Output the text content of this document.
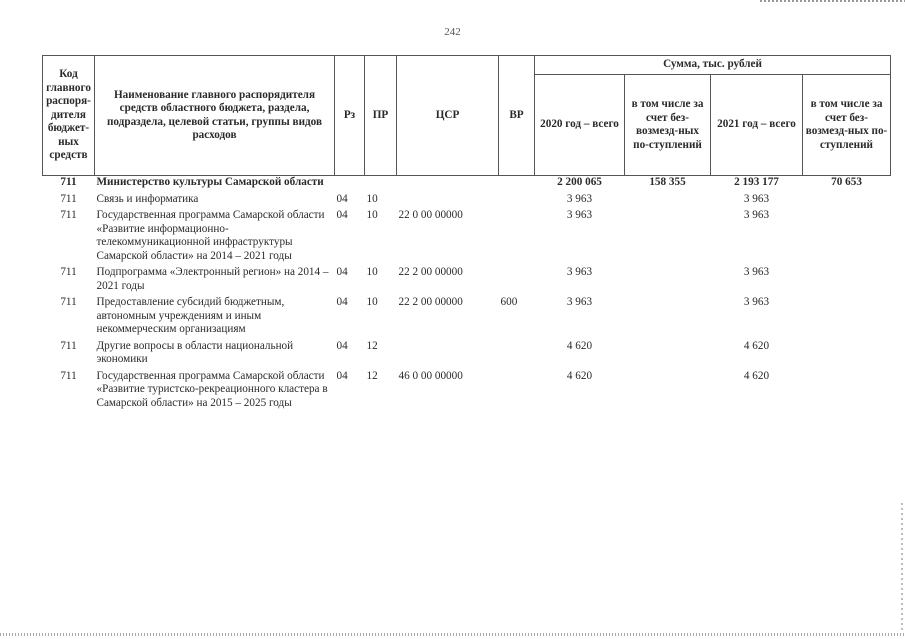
242
Код главного распоря-дителя бюджет-ных средств	Наименование главного распорядителя средств областного бюджета, раздела, подраздела, целевой статьи, группы видов расходов	Рз	ПР	ЦСР	ВР	Сумма, тыс. рублей			
						2020 год – всего	в том числе за счет без-возмезд-ных по-ступлений	2021 год – всего	в том числе за счет без-возмезд-ных по-ступлений
711	Министерство культуры Самарской области					2 200 065	158 355	2 193 177	70 653
711	Связь и информатика	04	10			3 963		3 963	
711	Государственная программа Самарской области «Развитие информационно-телекоммуникационной инфраструктуры Самарской области» на 2014 – 2021 годы	04	10	22 0 00 00000		3 963		3 963	
711	Подпрограмма «Электронный регион» на 2014 – 2021 годы	04	10	22 2 00 00000		3 963		3 963	
711	Предоставление субсидий бюджетным, автономным учреждениям и иным некоммерческим организациям	04	10	22 2 00 00000	600	3 963		3 963	
711	Другие вопросы в области национальной экономики	04	12			4 620		4 620	
711	Государственная программа Самарской области «Развитие туристско-рекреационного кластера в Самарской области» на 2015 – 2025 годы	04	12	46 0 00 00000		4 620		4 620	
